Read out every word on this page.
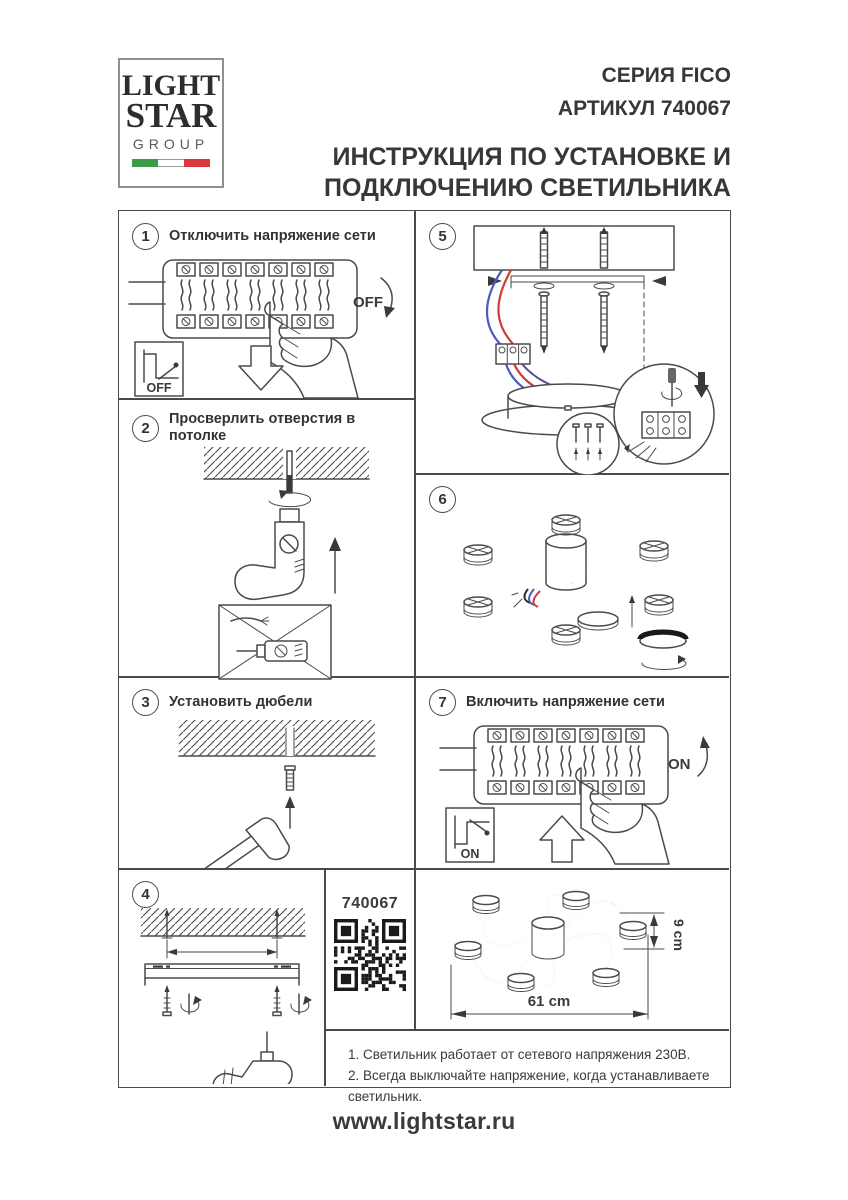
LIGHT
STAR
GROUP
СЕРИЯ FICO
АРТИКУЛ 740067
ИНСТРУКЦИЯ ПО УСТАНОВКЕ И
ПОДКЛЮЧЕНИЮ СВЕТИЛЬНИКА
1	Отключить напряжение сети
OFF
OFF
2
Просверлить отверстия в потолке
3	Установить дюбели
4
740067
5
6
7	Включить напряжение сети
ON
ON
61 cm
9 cm
1. Светильник работает от сетевого напряжения 230В.
2. Всегда выключайте напряжение, когда устанавливаете светильник.
www.lightstar.ru
